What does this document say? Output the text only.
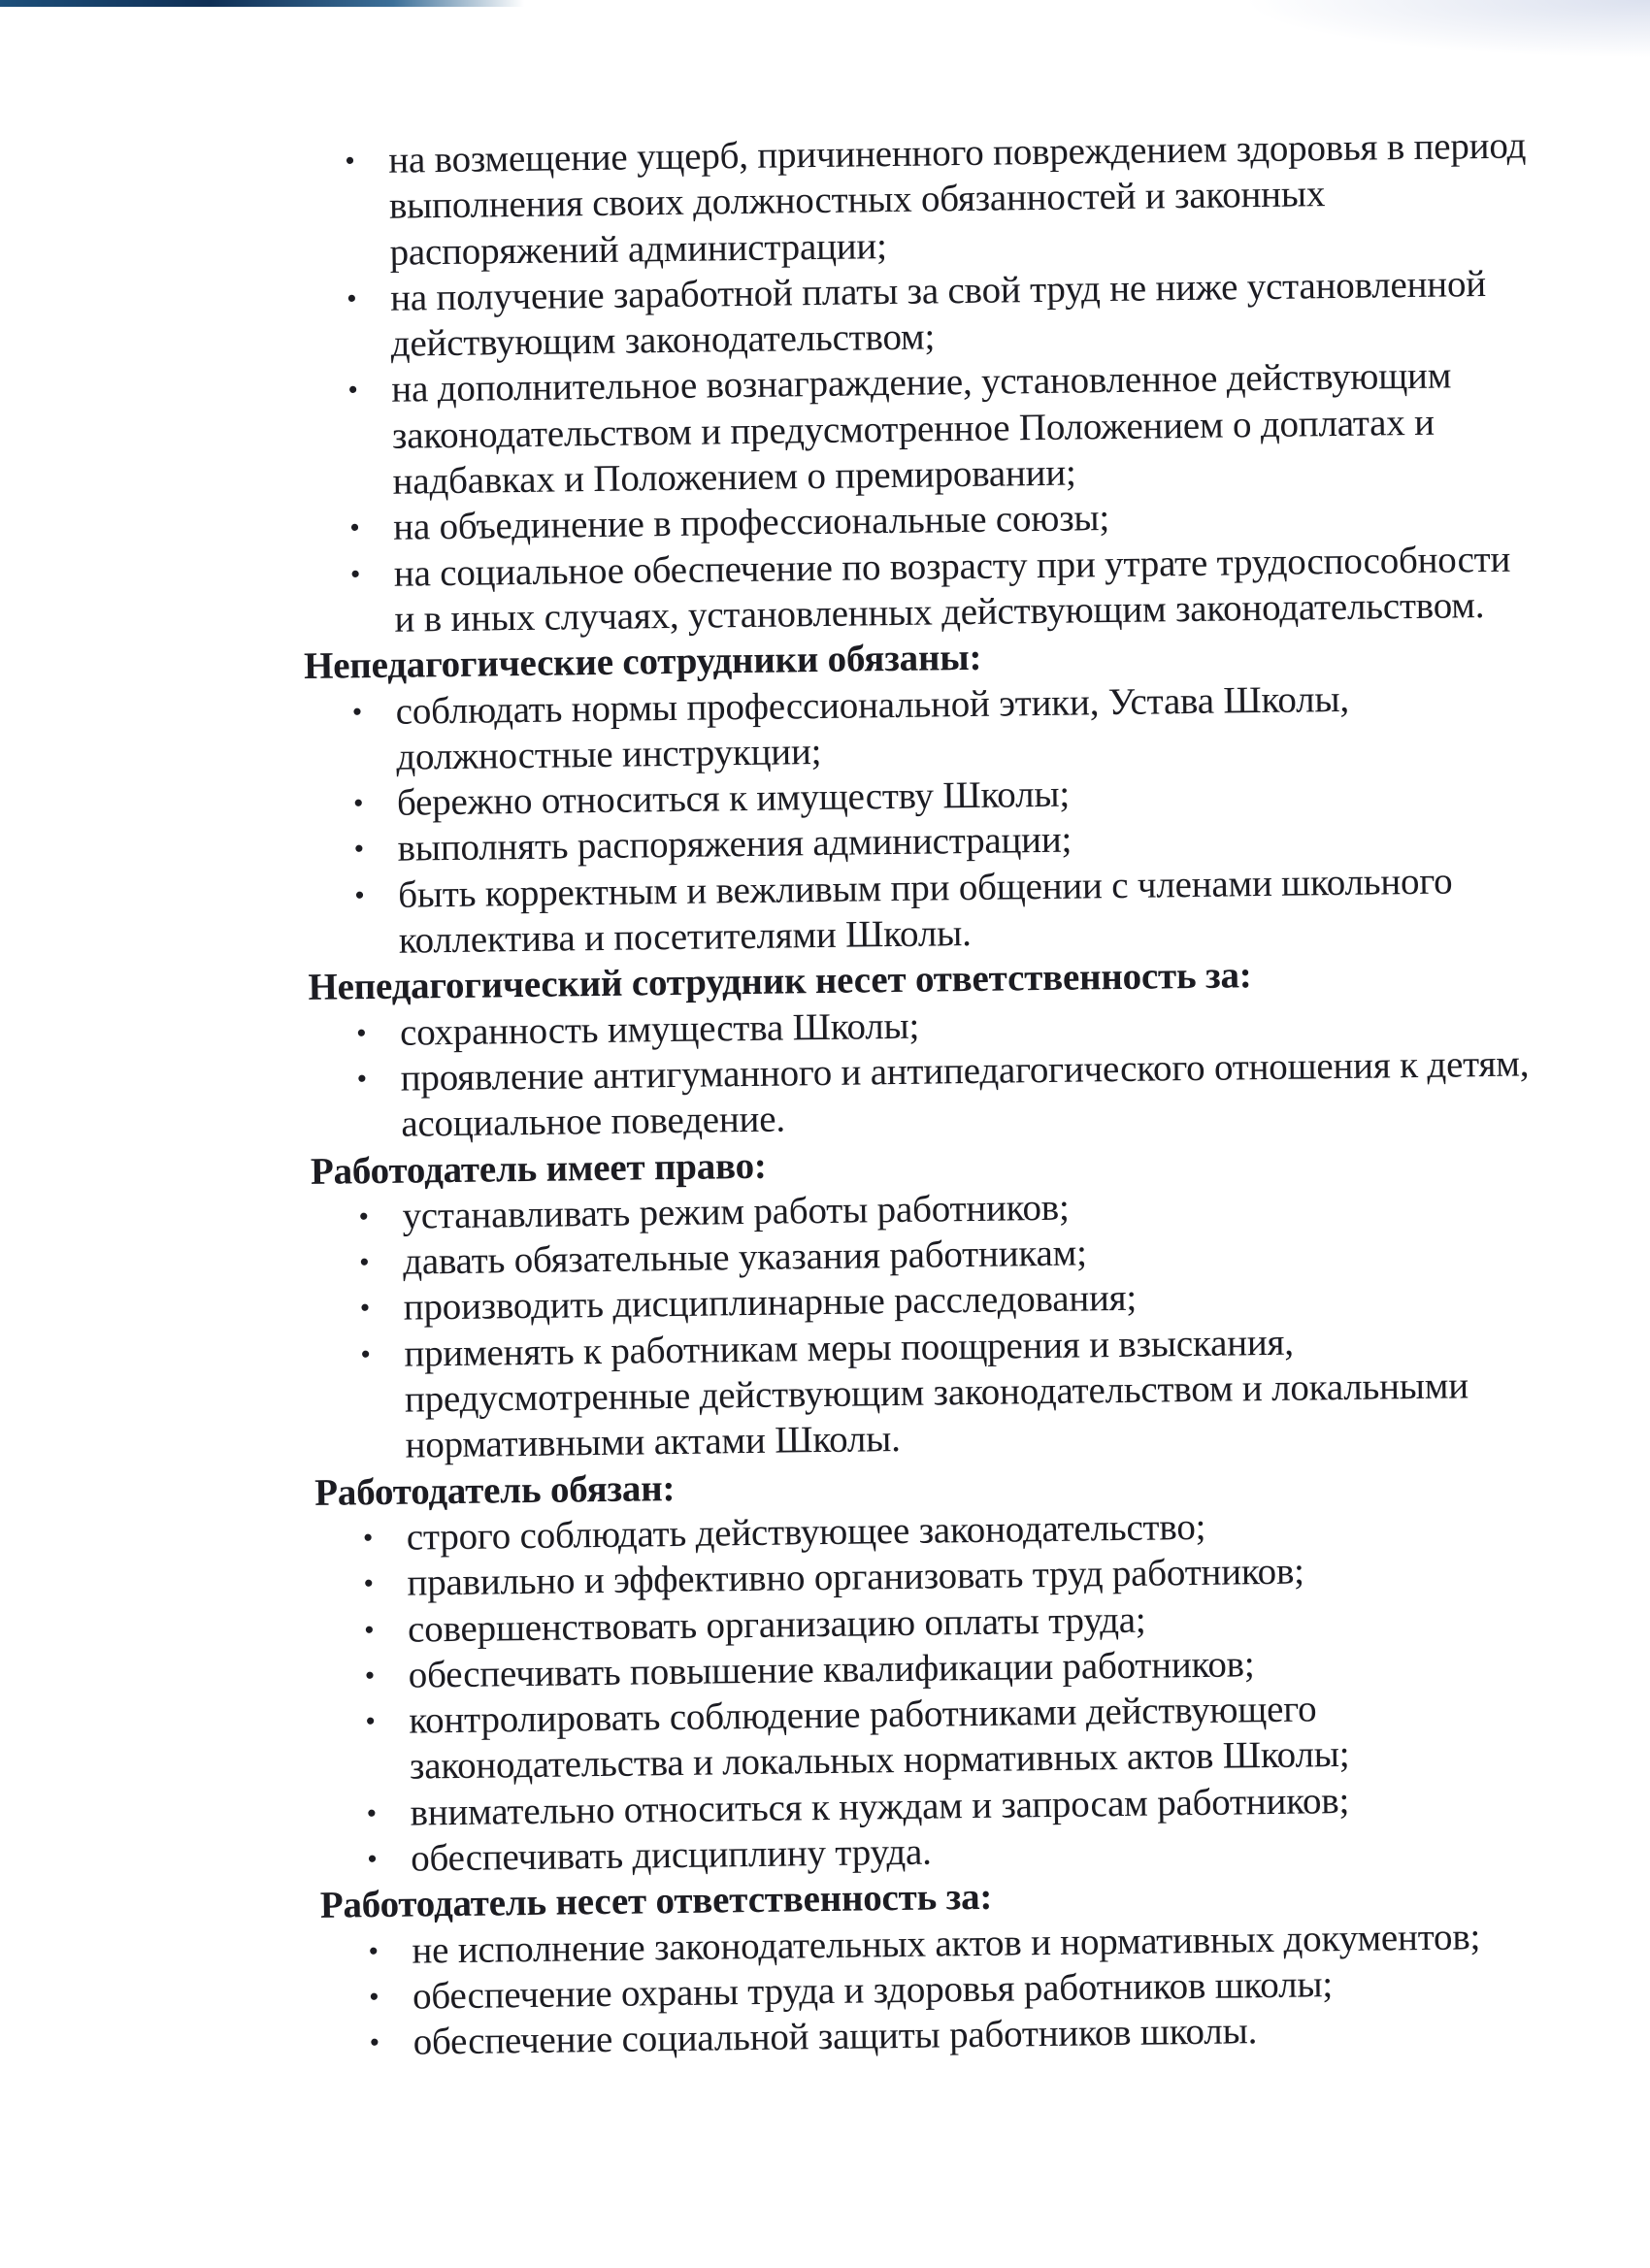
• на возмещение ущерб, причиненного повреждением здоровья в период
выполнения своих должностных обязанностей и законных
распоряжений администрации;
• на получение заработной платы за свой труд не ниже установленной
действующим законодательством;
• на дополнительное вознаграждение, установленное действующим
законодательством и предусмотренное Положением о доплатах и
надбавках и Положением о премировании;
• на объединение в профессиональные союзы;
• на социальное обеспечение по возрасту при утрате трудоспособности
и в иных случаях, установленных действующим законодательством.
Непедагогические сотрудники обязаны:
• соблюдать нормы профессиональной этики, Устава Школы,
должностные инструкции;
• бережно относиться к имуществу Школы;
• выполнять распоряжения администрации;
• быть корректным и вежливым при общении с членами школьного
коллектива и посетителями Школы.
Непедагогический сотрудник несет ответственность за:
• сохранность имущества Школы;
• проявление антигуманного и антипедагогического отношения к детям,
асоциальное поведение.
Работодатель имеет право:
• устанавливать режим работы работников;
• давать обязательные указания работникам;
• производить дисциплинарные расследования;
• применять к работникам меры поощрения и взыскания,
предусмотренные действующим законодательством и локальными
нормативными актами Школы.
Работодатель обязан:
• строго соблюдать действующее законодательство;
• правильно и эффективно организовать труд работников;
• совершенствовать организацию оплаты труда;
• обеспечивать повышение квалификации работников;
• контролировать соблюдение работниками действующего
законодательства и локальных нормативных актов Школы;
• внимательно относиться к нуждам и запросам работников;
• обеспечивать дисциплину труда.
Работодатель несет ответственность за:
• не исполнение законодательных актов и нормативных документов;
• обеспечение охраны труда и здоровья работников школы;
• обеспечение социальной защиты работников школы.
